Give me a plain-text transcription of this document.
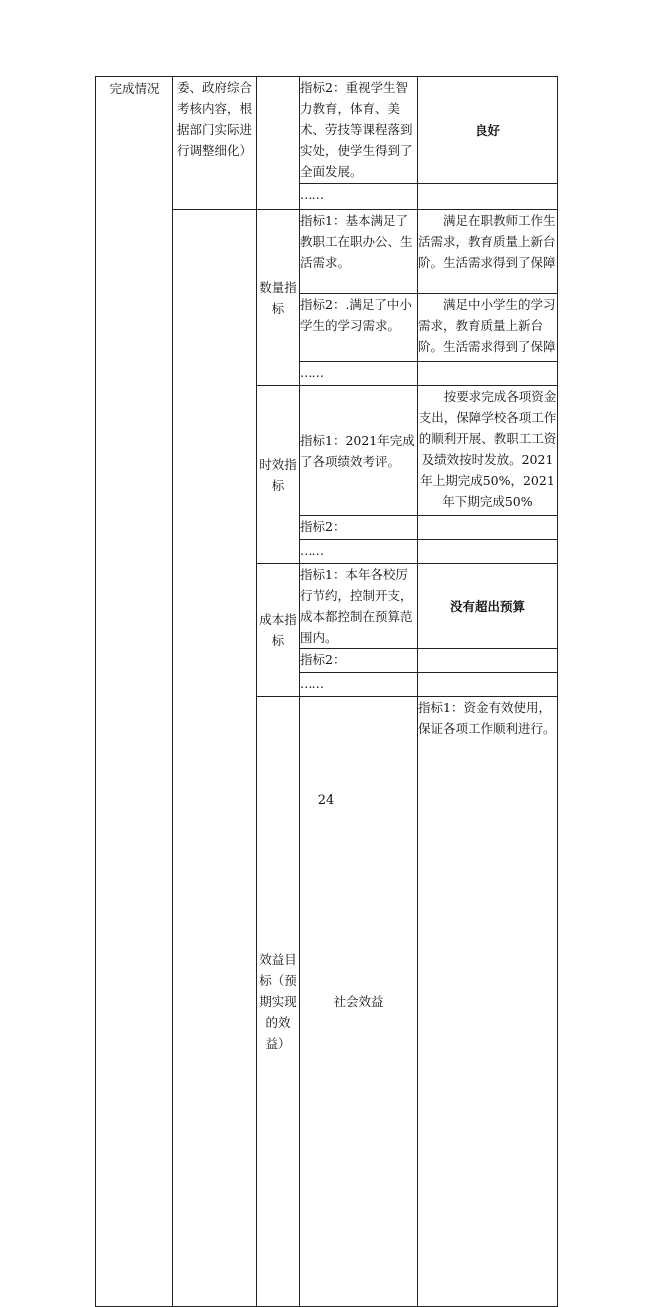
完成情况	委、政府综合考核内容，根据部门实际进行调整细化）		指标2：重视学生智力教育，体育、美术、劳技等课程落到实处，使学生得到了全面发展。	良好	
			……		
		数量指标	指标1：基本满足了教职工在职办公、生活需求。	满足在职教师工作生活需求，教育质量上新台阶。生活需求得到了保障	
			指标2：.满足了中小学生的学习需求。	满足中小学生的学习需求，教育质量上新台阶。生活需求得到了保障	
			……		
		时效指标	指标1：2021年完成了各项绩效考评。	按要求完成各项资金支出，保障学校各项工作的顺利开展、教职工工资及绩效按时发放。2021年上期完成50%，2021年下期完成50%	

			指标2：		
			……		
		成本指标	指标1：本年各校厉行节约，控制开支，成本都控制在预算范围内。	没有超出预算	
			指标2：		
			……		
		效益目标（预期实现的效益）	社会效益	指标1：资金有效使用，保证各项工作顺利进行。	
24
